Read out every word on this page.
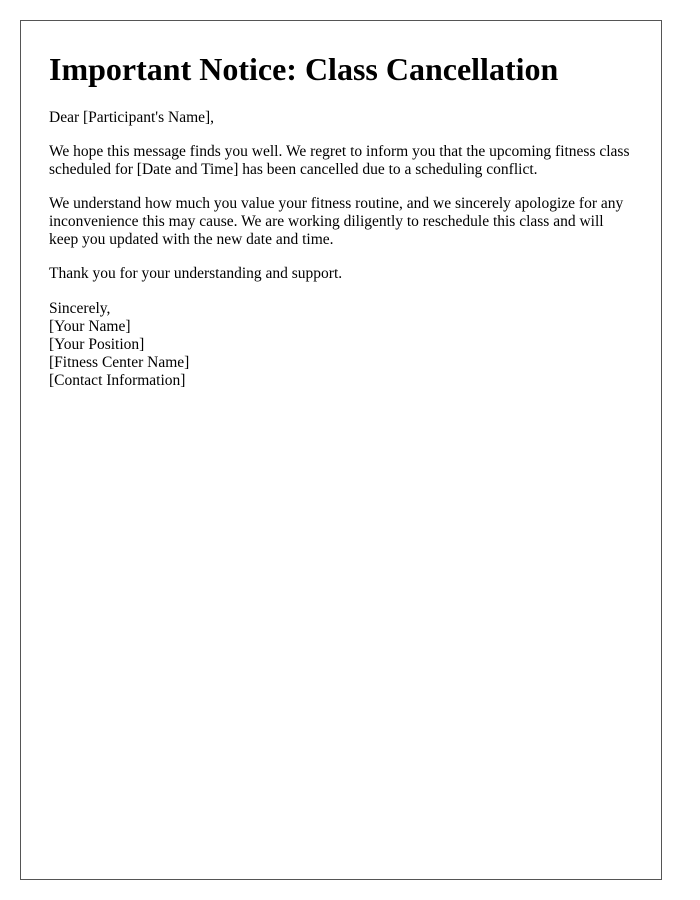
Important Notice: Class Cancellation

Dear [Participant's Name],

We hope this message finds you well. We regret to inform you that the upcoming fitness class scheduled for [Date and Time] has been cancelled due to a scheduling conflict.

We understand how much you value your fitness routine, and we sincerely apologize for any inconvenience this may cause. We are working diligently to reschedule this class and will keep you updated with the new date and time.

Thank you for your understanding and support.

Sincerely,
[Your Name]
[Your Position]
[Fitness Center Name]
[Contact Information]
